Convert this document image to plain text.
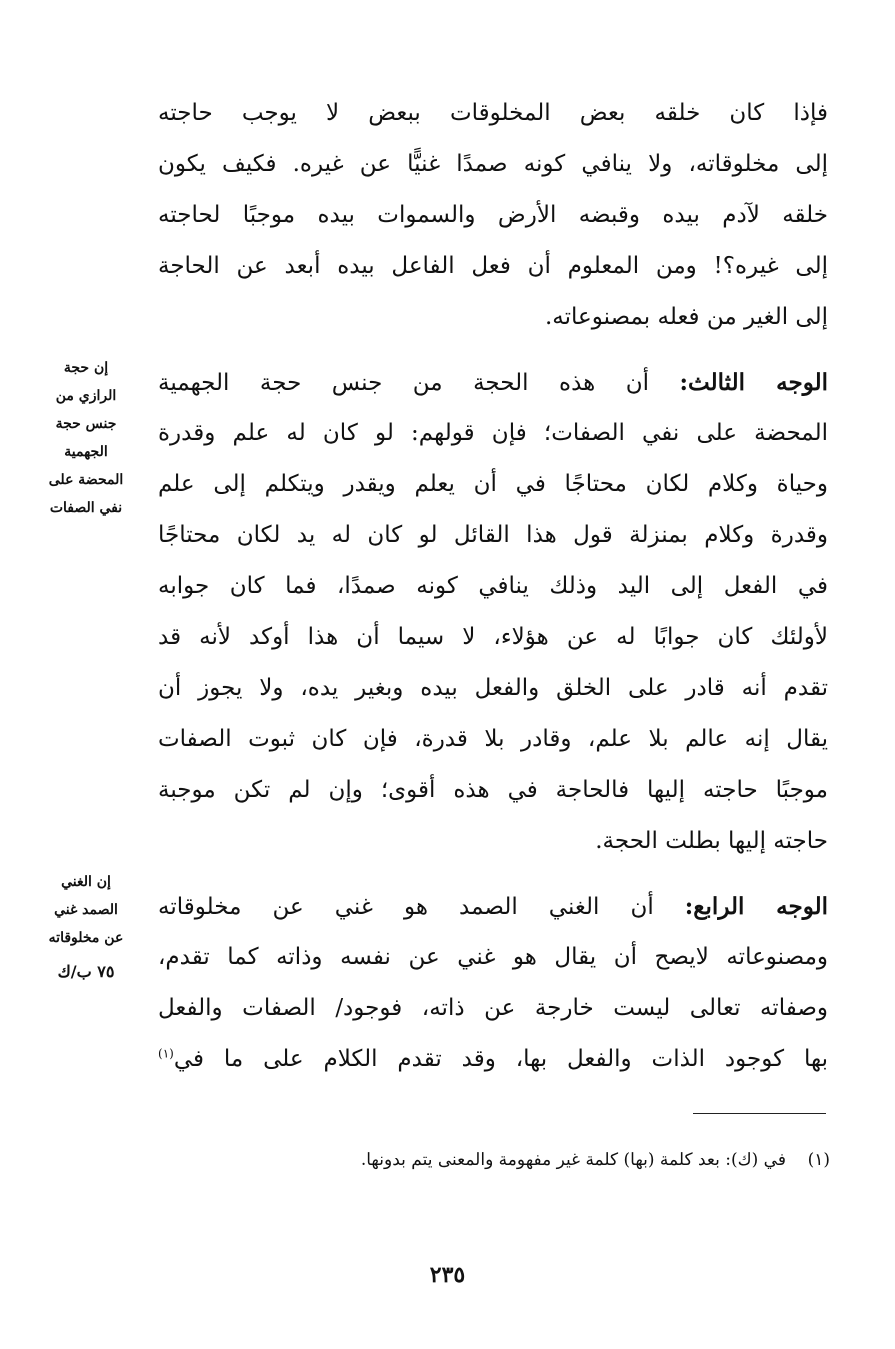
فإذا كان خلقه بعض المخلوقات ببعض لا يوجب حاجته
إلى مخلوقاته، ولا ينافي كونه صمدًا غنيًّا عن غيره. فكيف يكون
خلقه لآدم بيده وقبضه الأرض والسموات بيده موجبًا لحاجته
إلى غيره؟! ومن المعلوم أن فعل الفاعل بيده أبعد عن الحاجة
إلى الغير من فعله بمصنوعاته.
الوجه الثالث: أن هذه الحجة من جنس حجة الجهمية
المحضة على نفي الصفات؛ فإن قولهم: لو كان له علم وقدرة
وحياة وكلام لكان محتاجًا في أن يعلم ويقدر ويتكلم إلى علم
وقدرة وكلام بمنزلة قول هذا القائل لو كان له يد لكان محتاجًا
في الفعل إلى اليد وذلك ينافي كونه صمدًا، فما كان جوابه
لأولئك كان جوابًا له عن هؤلاء، لا سيما أن هذا أوكد لأنه قد
تقدم أنه قادر على الخلق والفعل بيده وبغير يده، ولا يجوز أن
يقال إنه عالم بلا علم، وقادر بلا قدرة، فإن كان ثبوت الصفات
موجبًا حاجته إليها فالحاجة في هذه أقوى؛ وإن لم تكن موجبة
حاجته إليها بطلت الحجة.
الوجه الرابع: أن الغني الصمد هو غني عن مخلوقاته
ومصنوعاته لايصح أن يقال هو غني عن نفسه وذاته كما تقدم،
وصفاته تعالى ليست خارجة عن ذاته، فوجود/ الصفات والفعل
بها كوجود الذات والفعل بها، وقد تقدم الكلام على ما في$^{(١)}$
إن حجة
الرازي من
جنس حجة
الجهمية
المحضة على
نفي الصفات
إن الغني
الصمد غني
عن مخلوقاته
٧٥ ب/ك
(١)    في (ك): بعد كلمة (بها) كلمة غير مفهومة والمعنى يتم بدونها.
٢٣٥
